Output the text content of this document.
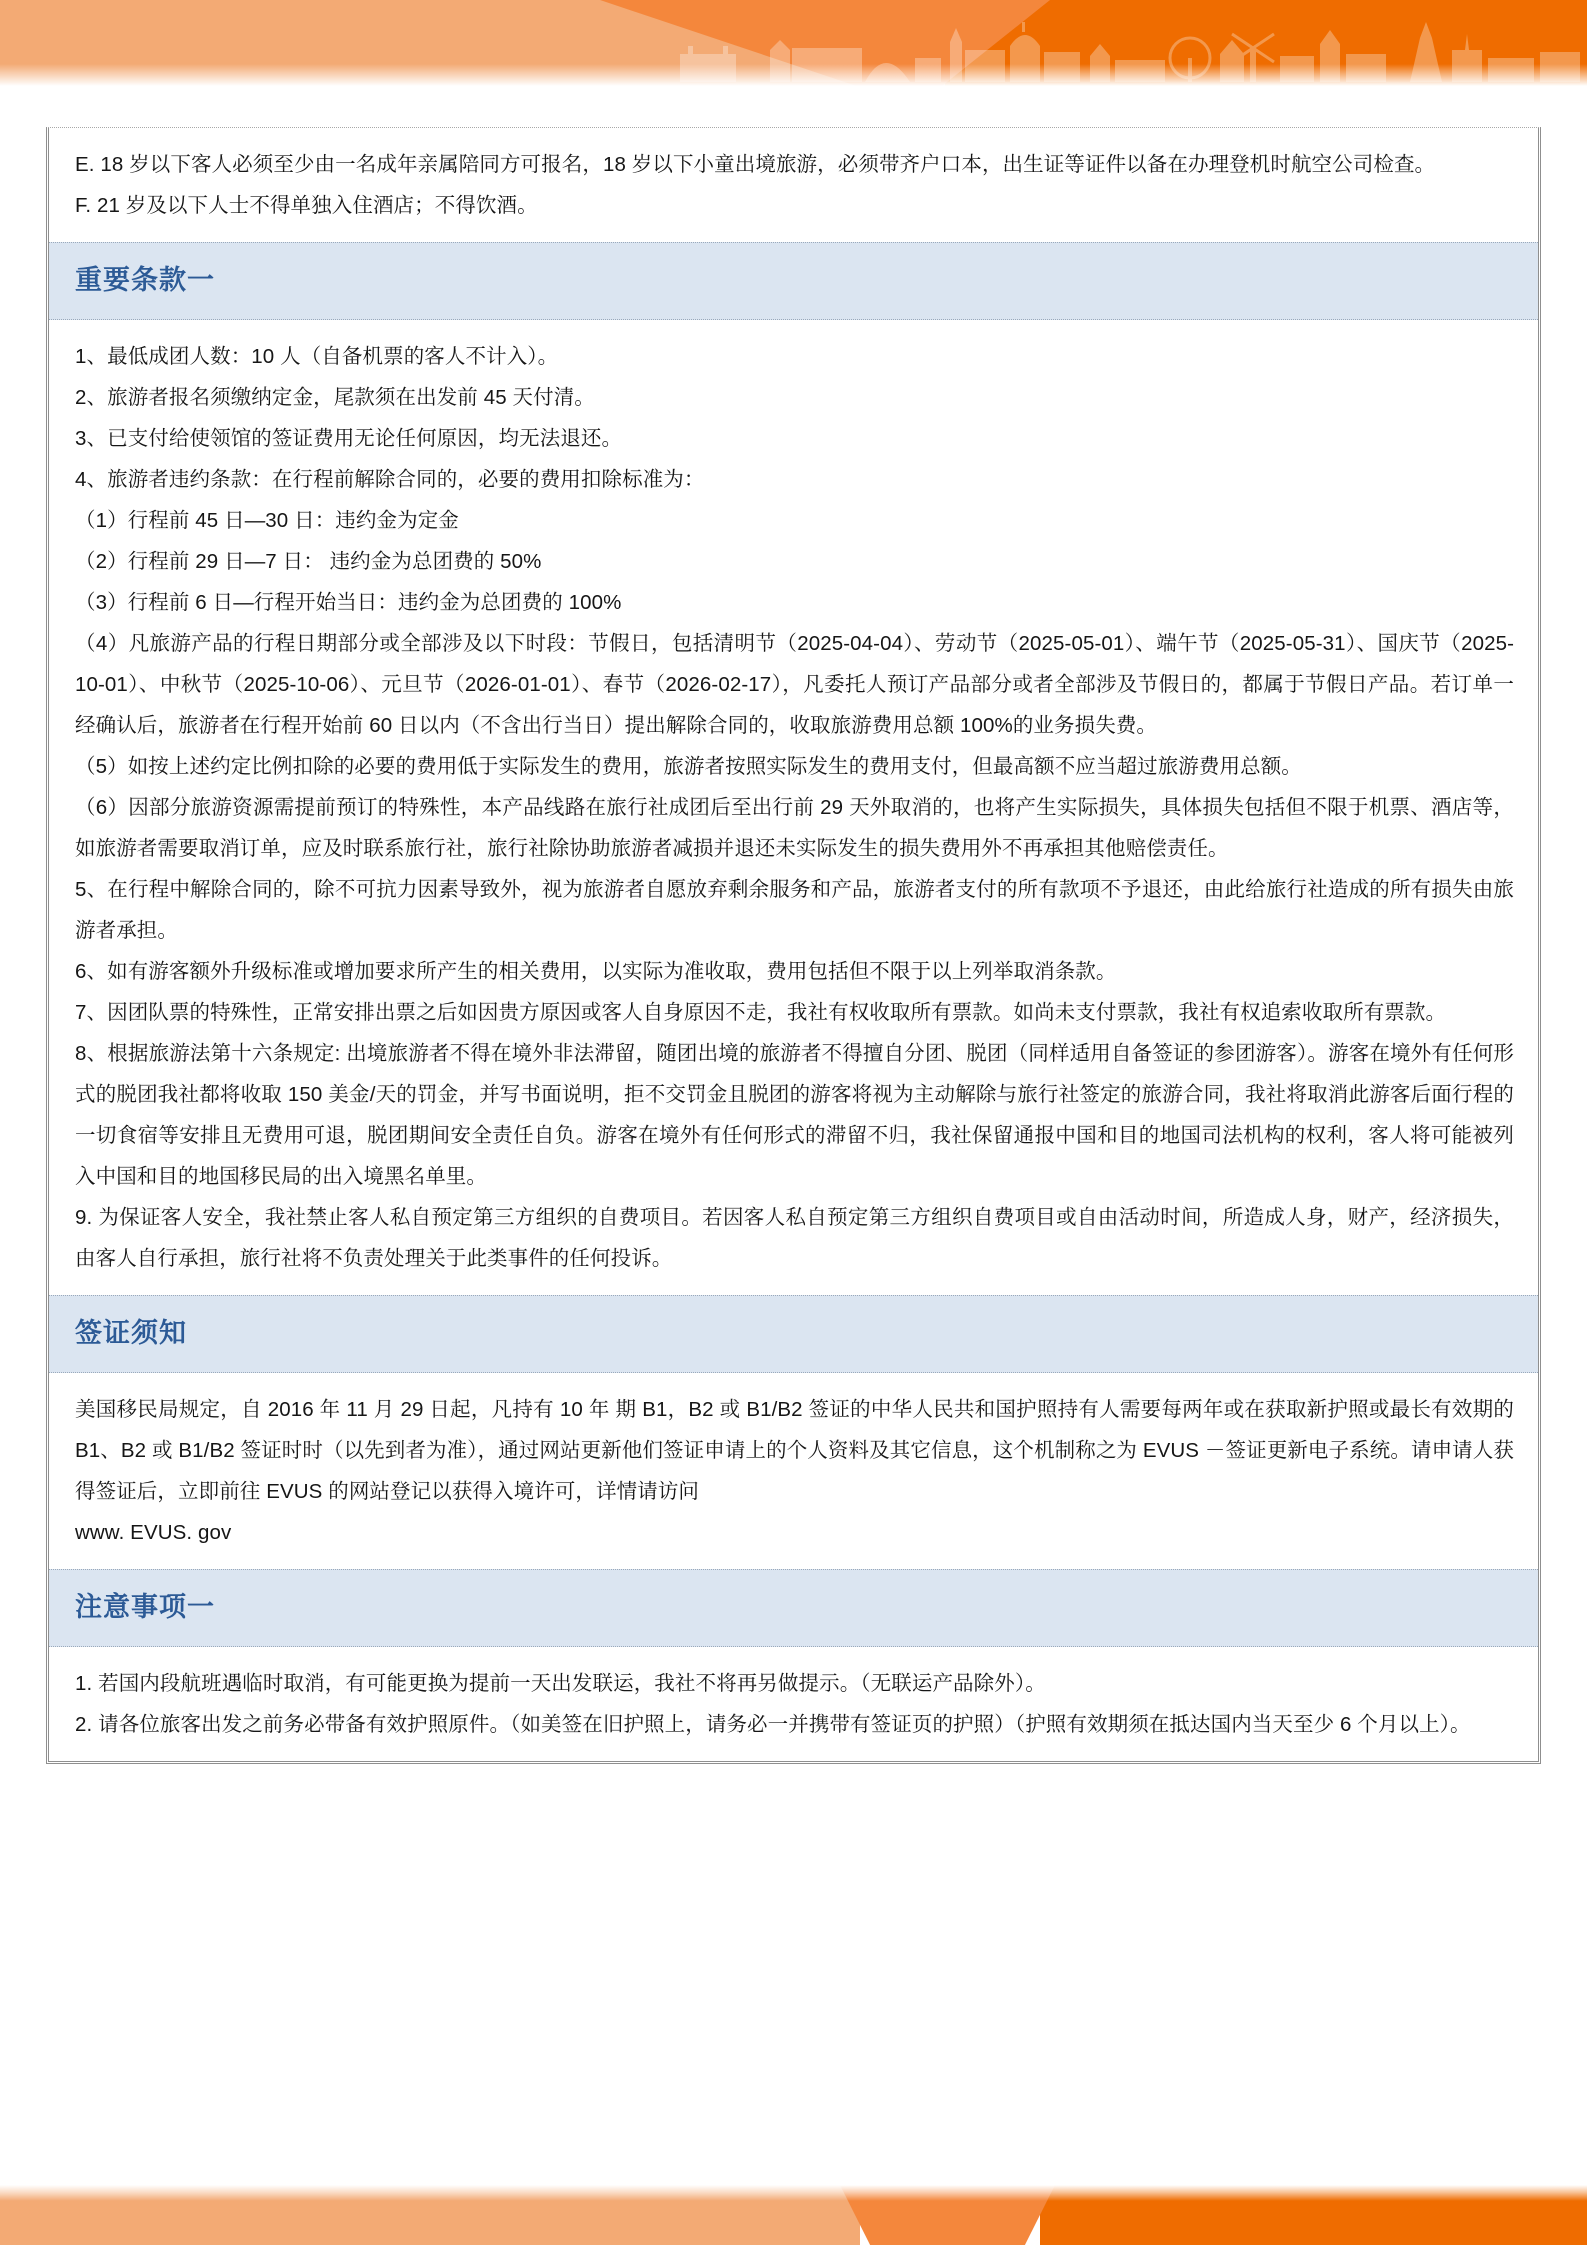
E. 18 岁以下客人必须至少由一名成年亲属陪同方可报名，18 岁以下小童出境旅游，必须带齐户口本，出生证等证件以备在办理登机时航空公司检查。

F. 21 岁及以下人士不得单独入住酒店；不得饮酒。

重要条款一

1、最低成团人数：10 人（自备机票的客人不计入）。

2、旅游者报名须缴纳定金，尾款须在出发前 45 天付清。

3、已支付给使领馆的签证费用无论任何原因，均无法退还。

4、旅游者违约条款：在行程前解除合同的，必要的费用扣除标准为：

（1）行程前 45 日—30 日：违约金为定金

（2）行程前 29 日—7 日： 违约金为总团费的 50%

（3）行程前 6 日—行程开始当日：违约金为总团费的 100%

（4）凡旅游产品的行程日期部分或全部涉及以下时段：节假日，包括清明节（2025-04-04）、劳动节（2025-05-01）、端午节（2025-05-31）、国庆节（2025-10-01）、中秋节（2025-10-06）、元旦节（2026-01-01）、春节（2026-02-17），凡委托人预订产品部分或者全部涉及节假日的，都属于节假日产品。若订单一经确认后，旅游者在行程开始前 60 日以内（不含出行当日）提出解除合同的，收取旅游费用总额 100%的业务损失费。

（5）如按上述约定比例扣除的必要的费用低于实际发生的费用，旅游者按照实际发生的费用支付，但最高额不应当超过旅游费用总额。

（6）因部分旅游资源需提前预订的特殊性，本产品线路在旅行社成团后至出行前 29 天外取消的，也将产生实际损失，具体损失包括但不限于机票、酒店等，如旅游者需要取消订单，应及时联系旅行社，旅行社除协助旅游者减损并退还未实际发生的损失费用外不再承担其他赔偿责任。

5、在行程中解除合同的，除不可抗力因素导致外，视为旅游者自愿放弃剩余服务和产品，旅游者支付的所有款项不予退还，由此给旅行社造成的所有损失由旅游者承担。

6、如有游客额外升级标准或增加要求所产生的相关费用，以实际为准收取，费用包括但不限于以上列举取消条款。

7、因团队票的特殊性，正常安排出票之后如因贵方原因或客人自身原因不走，我社有权收取所有票款。如尚未支付票款，我社有权追索收取所有票款。

8、根据旅游法第十六条规定: 出境旅游者不得在境外非法滞留，随团出境的旅游者不得擅自分团、脱团（同样适用自备签证的参团游客）。游客在境外有任何形式的脱团我社都将收取 150 美金/天的罚金，并写书面说明，拒不交罚金且脱团的游客将视为主动解除与旅行社签定的旅游合同，我社将取消此游客后面行程的一切食宿等安排且无费用可退，脱团期间安全责任自负。游客在境外有任何形式的滞留不归，我社保留通报中国和目的地国司法机构的权利，客人将可能被列入中国和目的地国移民局的出入境黑名单里。

9. 为保证客人安全，我社禁止客人私自预定第三方组织的自费项目。若因客人私自预定第三方组织自费项目或自由活动时间，所造成人身，财产，经济损失，由客人自行承担，旅行社将不负责处理关于此类事件的任何投诉。

签证须知

美国移民局规定，自 2016 年 11 月 29 日起，凡持有 10 年 期 B1，B2 或 B1/B2 签证的中华人民共和国护照持有人需要每两年或在获取新护照或最长有效期的 B1、B2 或 B1/B2 签证时时（以先到者为准），通过网站更新他们签证申请上的个人资料及其它信息，这个机制称之为 EVUS －签证更新电子系统。请申请人获得签证后，立即前往 EVUS 的网站登记以获得入境许可，详情请访问

www. EVUS. gov

注意事项一

1. 若国内段航班遇临时取消，有可能更换为提前一天出发联运，我社不将再另做提示。（无联运产品除外）。

2. 请各位旅客出发之前务必带备有效护照原件。（如美签在旧护照上，请务必一并携带有签证页的护照）（护照有效期须在抵达国内当天至少 6 个月以上）。
